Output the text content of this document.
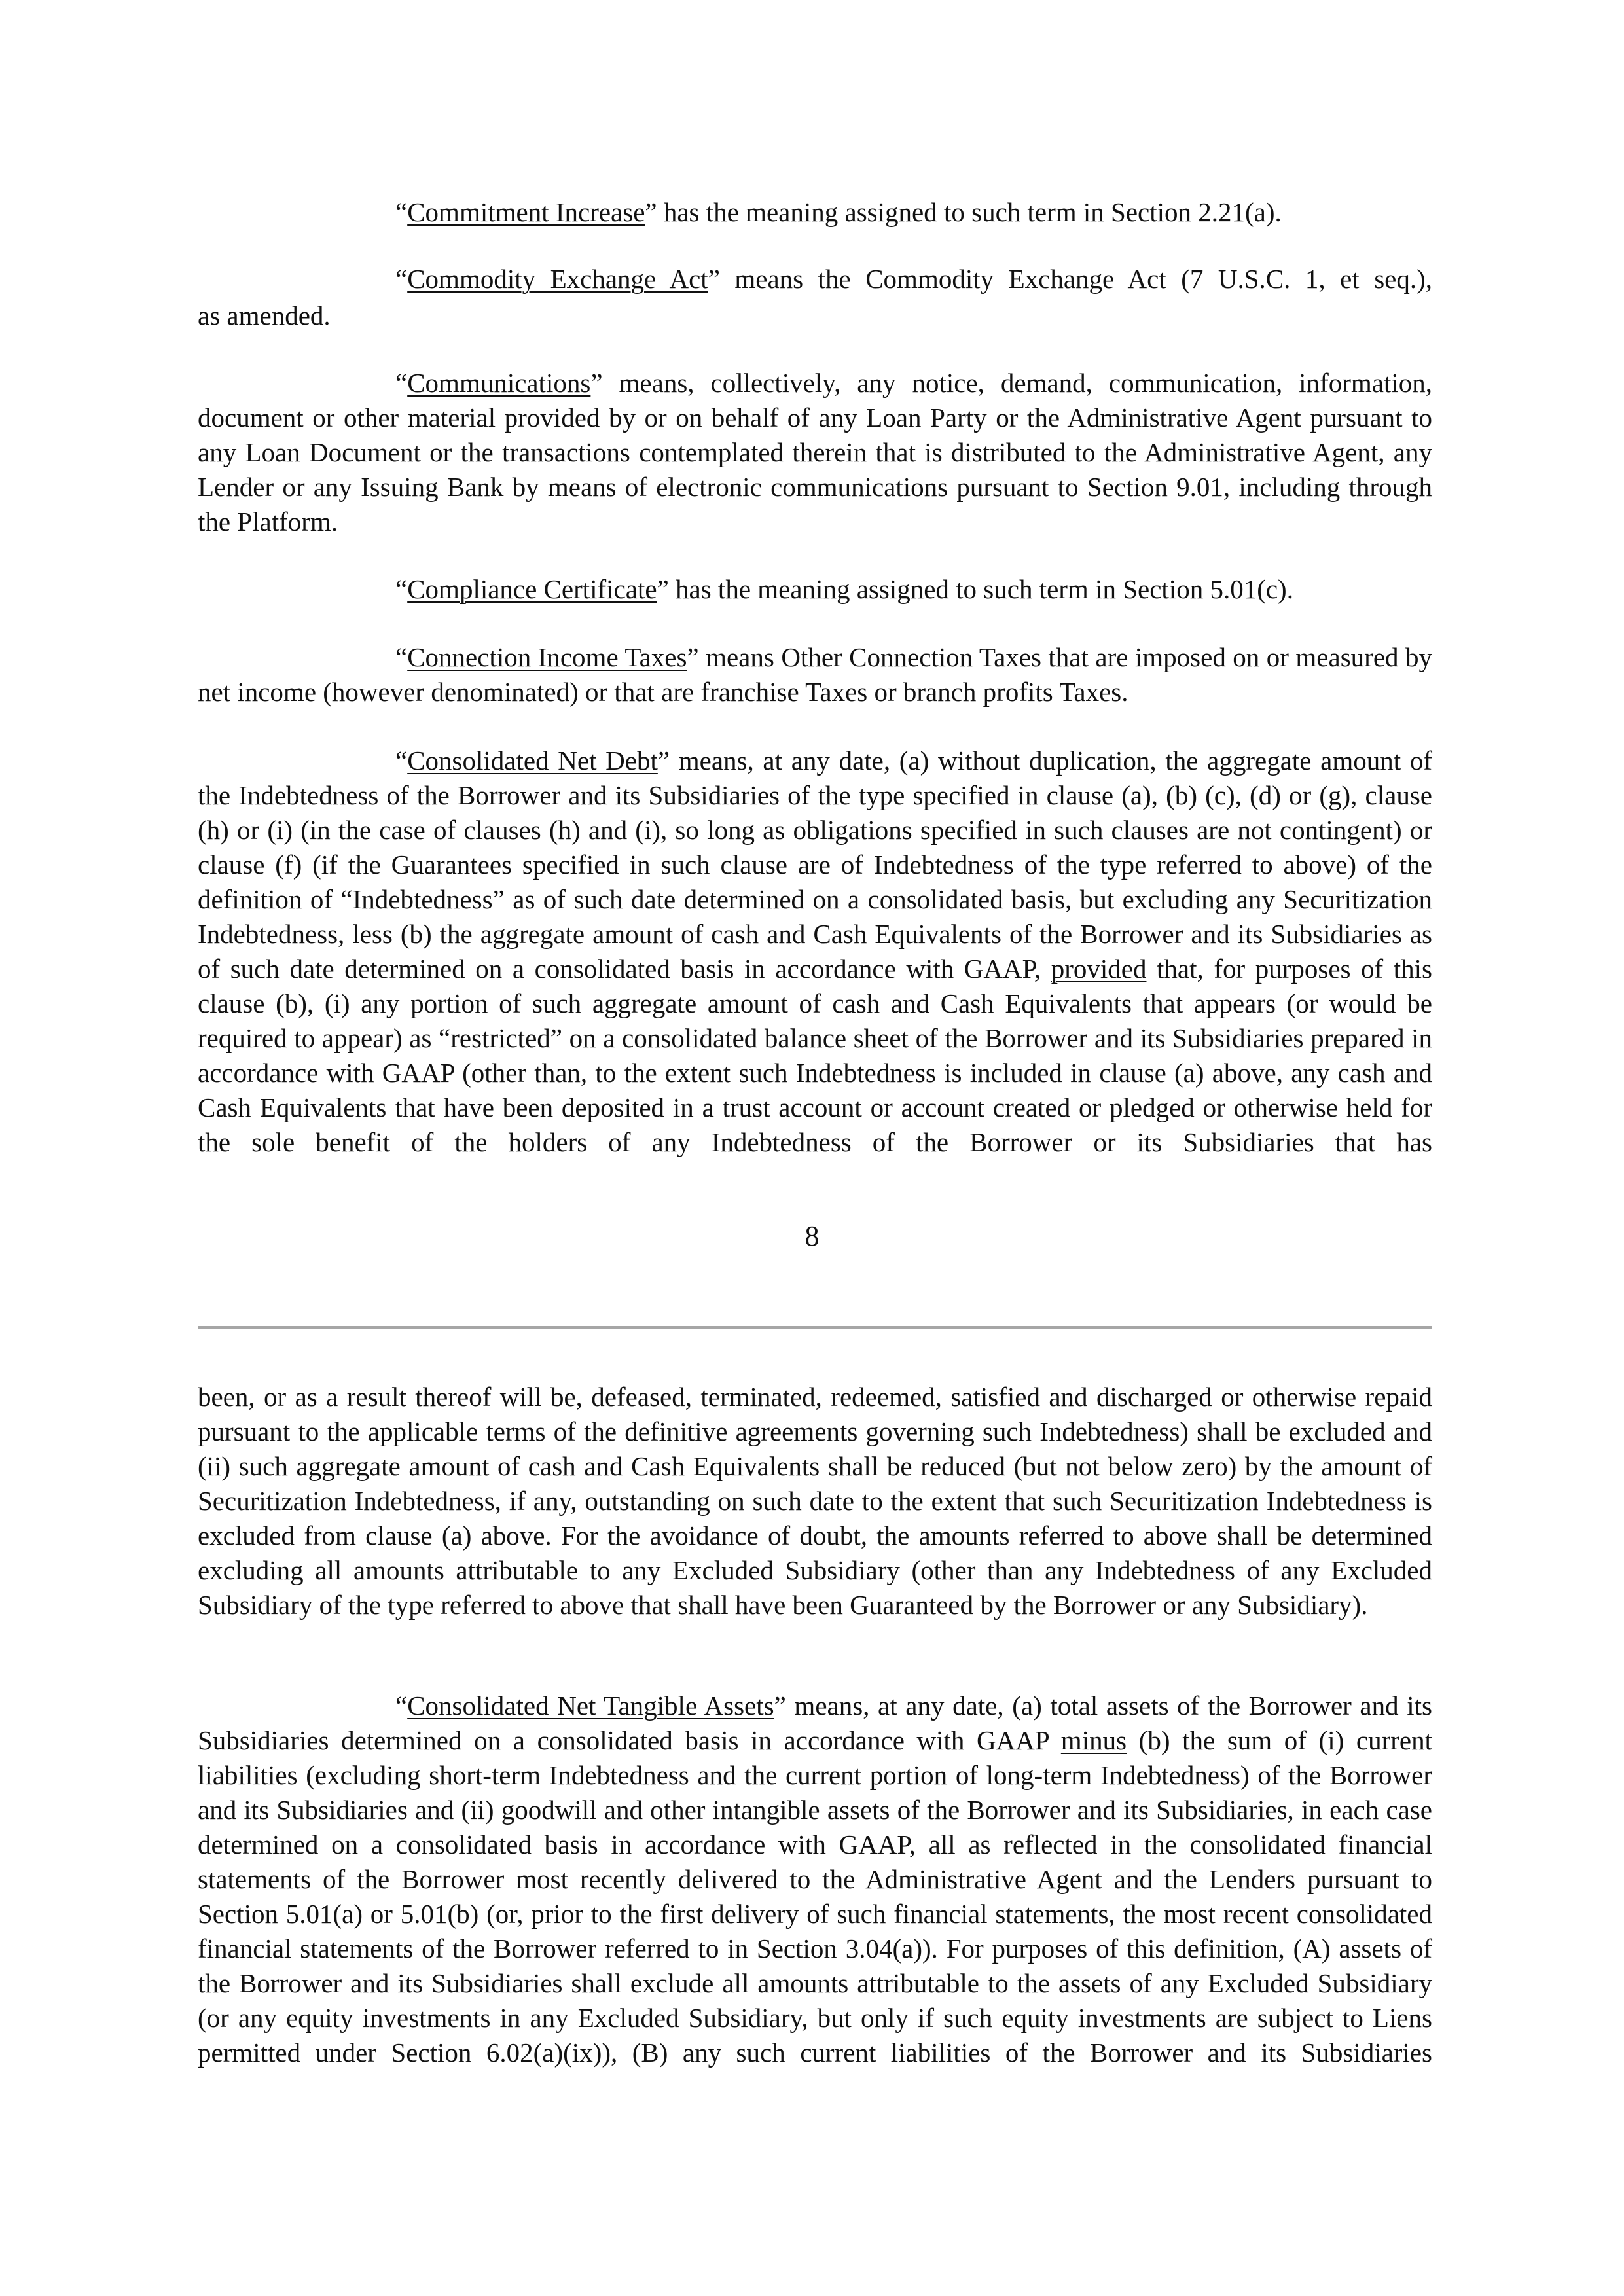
“Commitment Increase” has the meaning assigned to such term in Section 2.21(a).

“Commodity Exchange Act” means the Commodity Exchange Act (7 U.S.C. 1, et seq.),

as amended.

“Communications” means, collectively, any notice, demand, communication, information, document or other material provided by or on behalf of any Loan Party or the Administrative Agent pursuant to any Loan Document or the transactions contemplated therein that is distributed to the Administrative Agent, any Lender or any Issuing Bank by means of electronic communications pursuant to Section 9.01, including through the Platform.

“Compliance Certificate” has the meaning assigned to such term in Section 5.01(c).

“Connection Income Taxes” means Other Connection Taxes that are imposed on or measured by net income (however denominated) or that are franchise Taxes or branch profits Taxes.

“Consolidated Net Debt” means, at any date, (a) without duplication, the aggregate amount of the Indebtedness of the Borrower and its Subsidiaries of the type specified in clause (a), (b) (c), (d) or (g), clause (h) or (i) (in the case of clauses (h) and (i), so long as obligations specified in such clauses are not contingent) or clause (f) (if the Guarantees specified in such clause are of Indebtedness of the type referred to above) of the definition of “Indebtedness” as of such date determined on a consolidated basis, but excluding any Securitization Indebtedness, less (b) the aggregate amount of cash and Cash Equivalents of the Borrower and its Subsidiaries as of such date determined on a consolidated basis in accordance with GAAP, provided that, for purposes of this clause (b), (i) any portion of such aggregate amount of cash and Cash Equivalents that appears (or would be required to appear) as “restricted” on a consolidated balance sheet of the Borrower and its Subsidiaries prepared in accordance with GAAP (other than, to the extent such Indebtedness is included in clause (a) above, any cash and Cash Equivalents that have been deposited in a trust account or account created or pledged or otherwise held for the sole benefit of the holders of any Indebtedness of the Borrower or its Subsidiaries that has

8

been, or as a result thereof will be, defeased, terminated, redeemed, satisfied and discharged or otherwise repaid pursuant to the applicable terms of the definitive agreements governing such Indebtedness) shall be excluded and (ii) such aggregate amount of cash and Cash Equivalents shall be reduced (but not below zero) by the amount of Securitization Indebtedness, if any, outstanding on such date to the extent that such Securitization Indebtedness is excluded from clause (a) above. For the avoidance of doubt, the amounts referred to above shall be determined excluding all amounts attributable to any Excluded Subsidiary (other than any Indebtedness of any Excluded Subsidiary of the type referred to above that shall have been Guaranteed by the Borrower or any Subsidiary).

“Consolidated Net Tangible Assets” means, at any date, (a) total assets of the Borrower and its Subsidiaries determined on a consolidated basis in accordance with GAAP minus (b) the sum of (i) current liabilities (excluding short-term Indebtedness and the current portion of long-term Indebtedness) of the Borrower and its Subsidiaries and (ii) goodwill and other intangible assets of the Borrower and its Subsidiaries, in each case determined on a consolidated basis in accordance with GAAP, all as reflected in the consolidated financial statements of the Borrower most recently delivered to the Administrative Agent and the Lenders pursuant to Section 5.01(a) or 5.01(b) (or, prior to the first delivery of such financial statements, the most recent consolidated financial statements of the Borrower referred to in Section 3.04(a)). For purposes of this definition, (A) assets of the Borrower and its Subsidiaries shall exclude all amounts attributable to the assets of any Excluded Subsidiary (or any equity investments in any Excluded Subsidiary, but only if such equity investments are subject to Liens permitted under Section 6.02(a)(ix)), (B) any such current liabilities of the Borrower and its Subsidiaries
